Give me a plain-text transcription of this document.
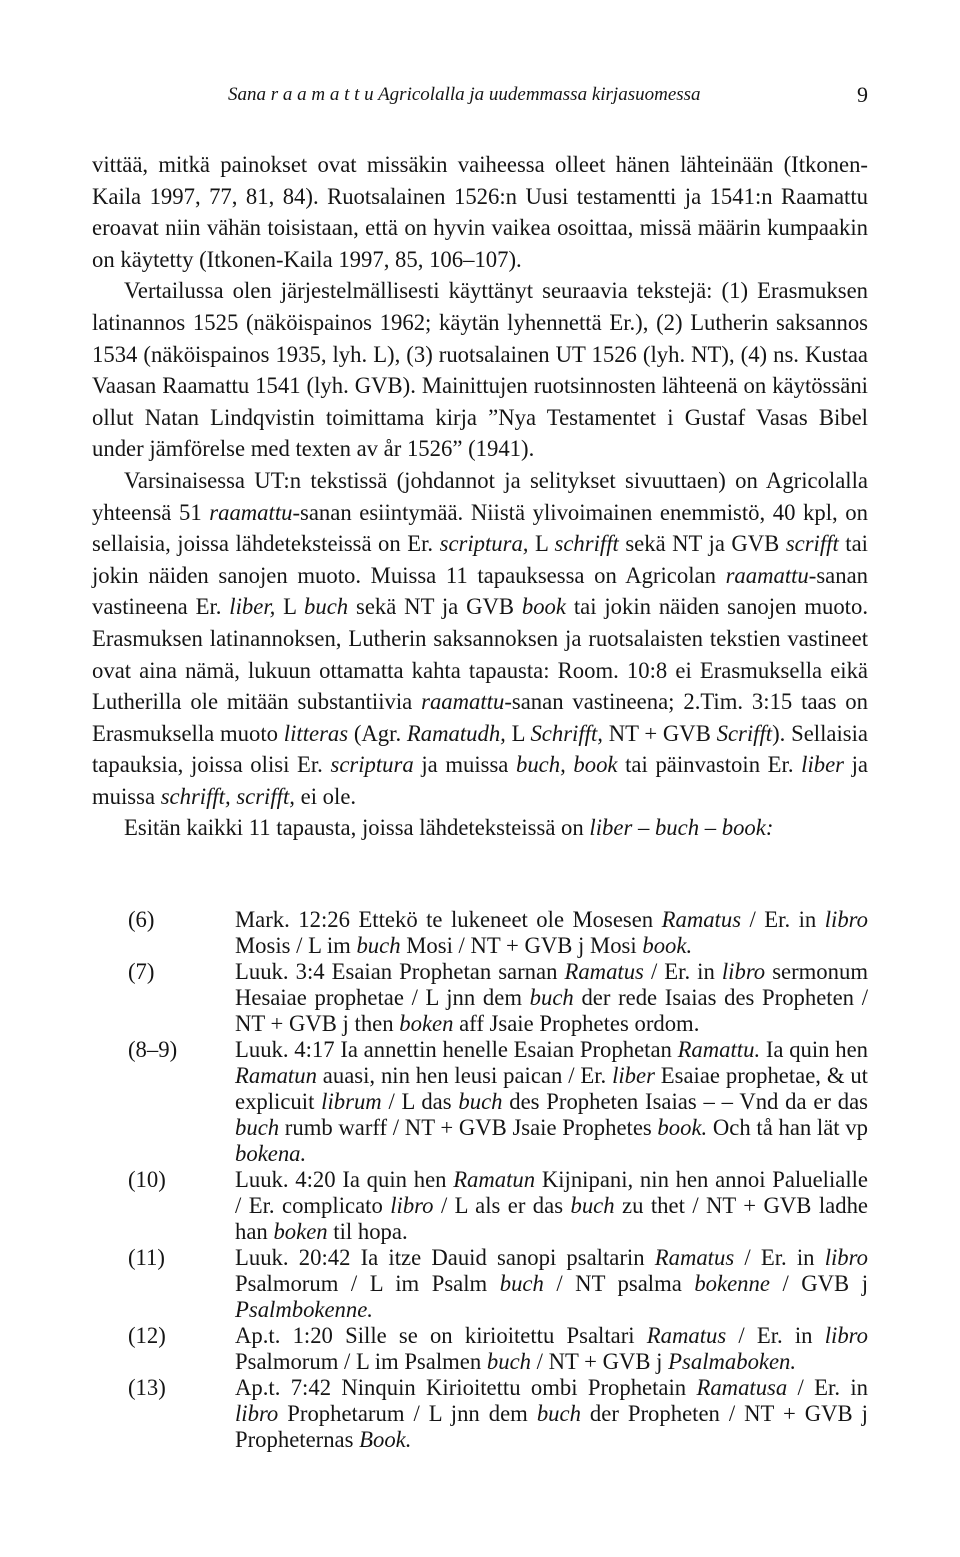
Sana r a a m a t t u Agricolalla ja uudemmassa kirjasuomessa	9

vittää, mitkä painokset ovat missäkin vaiheessa olleet hänen lähteinään (Itkonen-Kaila 1997, 77, 81, 84). Ruotsalainen 1526:n Uusi testamentti ja 1541:n Raamattu eroavat niin vähän toisistaan, että on hyvin vaikea osoittaa, missä määrin kumpaakin on käytetty (Itkonen-Kaila 1997, 85, 106–107).

Vertailussa olen järjestelmällisesti käyttänyt seuraavia tekstejä: (1) Erasmuksen latinannos 1525 (näköispainos 1962; käytän lyhennettä Er.), (2) Lutherin saksannos 1534 (näköispainos 1935, lyh. L), (3) ruotsalainen UT 1526 (lyh. NT), (4) ns. Kustaa Vaasan Raamattu 1541 (lyh. GVB). Mainittujen ruotsinnosten lähteenä on käytössäni ollut Natan Lindqvistin toimittama kirja ”Nya Testamentet i Gustaf Vasas Bibel under jämförelse med texten av år 1526” (1941).

Varsinaisessa UT:n tekstissä (johdannot ja selitykset sivuuttaen) on Agricolalla yhteensä 51 raamattu-sanan esiintymää. Niistä ylivoimainen enemmistö, 40 kpl, on sellaisia, joissa lähdeteksteissä on Er. scriptura, L schrifft sekä NT ja GVB scrifft tai jokin näiden sanojen muoto. Muissa 11 tapauksessa on Agricolan raamattu-sanan vastineena Er. liber, L buch sekä NT ja GVB book tai jokin näiden sanojen muoto. Erasmuksen latinannoksen, Lutherin saksannoksen ja ruotsalaisten tekstien vastineet ovat aina nämä, lukuun ottamatta kahta tapausta: Room. 10:8 ei Erasmuksella eikä Lutherilla ole mitään substantiivia raamattu-sanan vastineena; 2.Tim. 3:15 taas on Erasmuksella muoto litteras (Agr. Ramatudh, L Schrifft, NT + GVB Scrifft). Sellaisia tapauksia, joissa olisi Er. scriptura ja muissa buch, book tai päinvastoin Er. liber ja muissa schrifft, scrifft, ei ole.

Esitän kaikki 11 tapausta, joissa lähdeteksteissä on liber – buch – book:

(6)	Mark. 12:26 Ettekö te lukeneet ole Mosesen Ramatus / Er. in libro Mosis / L im buch Mosi / NT + GVB j Mosi book.
(7)	Luuk. 3:4 Esaian Prophetan sarnan Ramatus / Er. in libro sermonum Hesaiae prophetae / L jnn dem buch der rede Isaias des Propheten / NT + GVB j then boken aff Jsaie Prophetes ordom.
(8–9)	Luuk. 4:17 Ia annettin henelle Esaian Prophetan Ramattu. Ia quin hen Ramatun auasi, nin hen leusi paican / Er. liber Esaiae prophetae, & ut explicuit librum / L das buch des Propheten Isaias – – Vnd da er das buch rumb warff / NT + GVB Jsaie Prophetes book. Och tå han lät vp bokena.
(10)	Luuk. 4:20 Ia quin hen Ramatun Kijnipani, nin hen annoi Paluelialle / Er. complicato libro / L als er das buch zu thet / NT + GVB ladhe han boken til hopa.
(11)	Luuk. 20:42 Ia itze Dauid sanopi psaltarin Ramatus / Er. in libro Psalmorum / L im Psalm buch / NT psalma bokenne / GVB j Psalmbokenne.
(12)	Ap.t. 1:20 Sille se on kirioitettu Psaltari Ramatus / Er. in libro Psalmorum / L im Psalmen buch / NT + GVB j Psalmaboken.
(13)	Ap.t. 7:42 Ninquin Kirioitettu ombi Prophetain Ramatusa / Er. in libro Prophetarum / L jnn dem buch der Propheten / NT + GVB j Propheternas Book.
